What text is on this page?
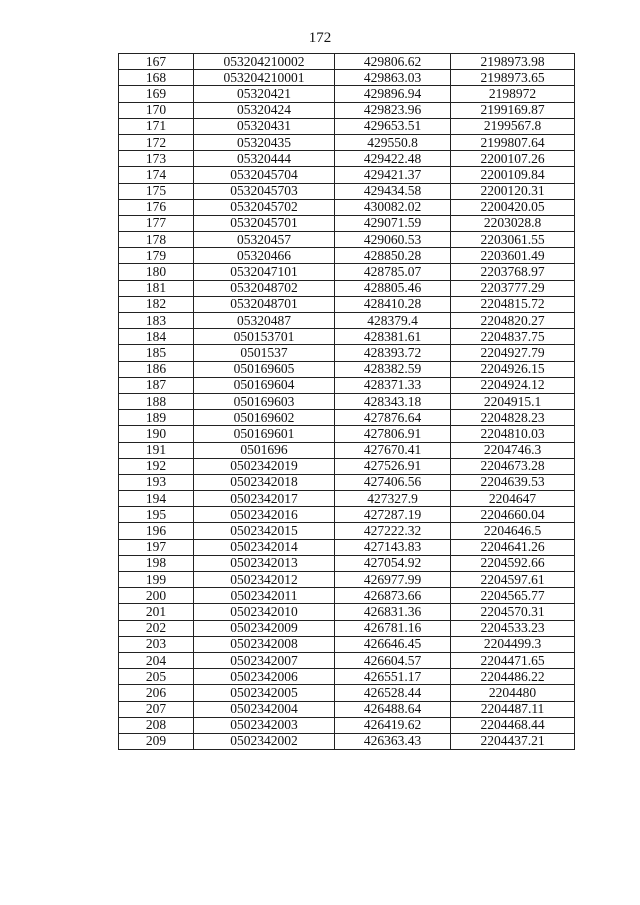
172
167	053204210002	429806.62	2198973.98
168	053204210001	429863.03	2198973.65
169	05320421	429896.94	2198972
170	05320424	429823.96	2199169.87
171	05320431	429653.51	2199567.8
172	05320435	429550.8	2199807.64
173	05320444	429422.48	2200107.26
174	0532045704	429421.37	2200109.84
175	0532045703	429434.58	2200120.31
176	0532045702	430082.02	2200420.05
177	0532045701	429071.59	2203028.8
178	05320457	429060.53	2203061.55
179	05320466	428850.28	2203601.49
180	0532047101	428785.07	2203768.97
181	0532048702	428805.46	2203777.29
182	0532048701	428410.28	2204815.72
183	05320487	428379.4	2204820.27
184	050153701	428381.61	2204837.75
185	0501537	428393.72	2204927.79
186	050169605	428382.59	2204926.15
187	050169604	428371.33	2204924.12
188	050169603	428343.18	2204915.1
189	050169602	427876.64	2204828.23
190	050169601	427806.91	2204810.03
191	0501696	427670.41	2204746.3
192	0502342019	427526.91	2204673.28
193	0502342018	427406.56	2204639.53
194	0502342017	427327.9	2204647
195	0502342016	427287.19	2204660.04
196	0502342015	427222.32	2204646.5
197	0502342014	427143.83	2204641.26
198	0502342013	427054.92	2204592.66
199	0502342012	426977.99	2204597.61
200	0502342011	426873.66	2204565.77
201	0502342010	426831.36	2204570.31
202	0502342009	426781.16	2204533.23
203	0502342008	426646.45	2204499.3
204	0502342007	426604.57	2204471.65
205	0502342006	426551.17	2204486.22
206	0502342005	426528.44	2204480
207	0502342004	426488.64	2204487.11
208	0502342003	426419.62	2204468.44
209	0502342002	426363.43	2204437.21
